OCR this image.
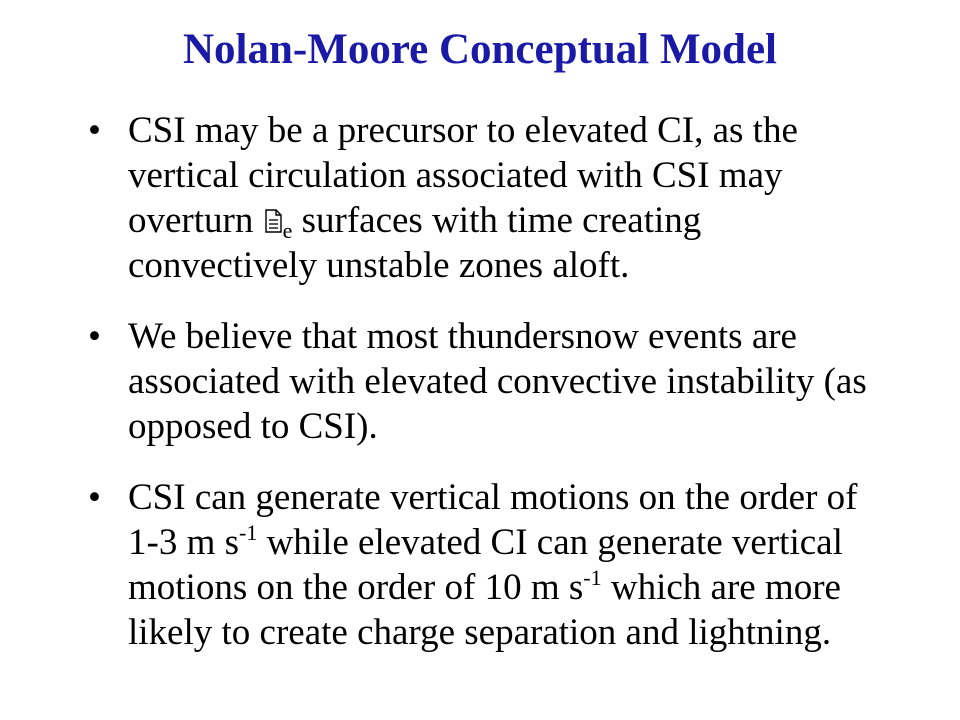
Nolan-Moore Conceptual Model
• CSI may be a precursor to elevated CI, as the vertical circulation associated with CSI may overturn $_e$ surfaces with time creating convectively unstable zones aloft.
• We believe that most thundersnow events are associated with elevated convective instability (as opposed to CSI).
• CSI can generate vertical motions on the order of 1-3 m $s^{-1}$ while elevated CI can generate vertical motions on the order of 10 m $s^{-1}$ which are more likely to create charge separation and lightning.
